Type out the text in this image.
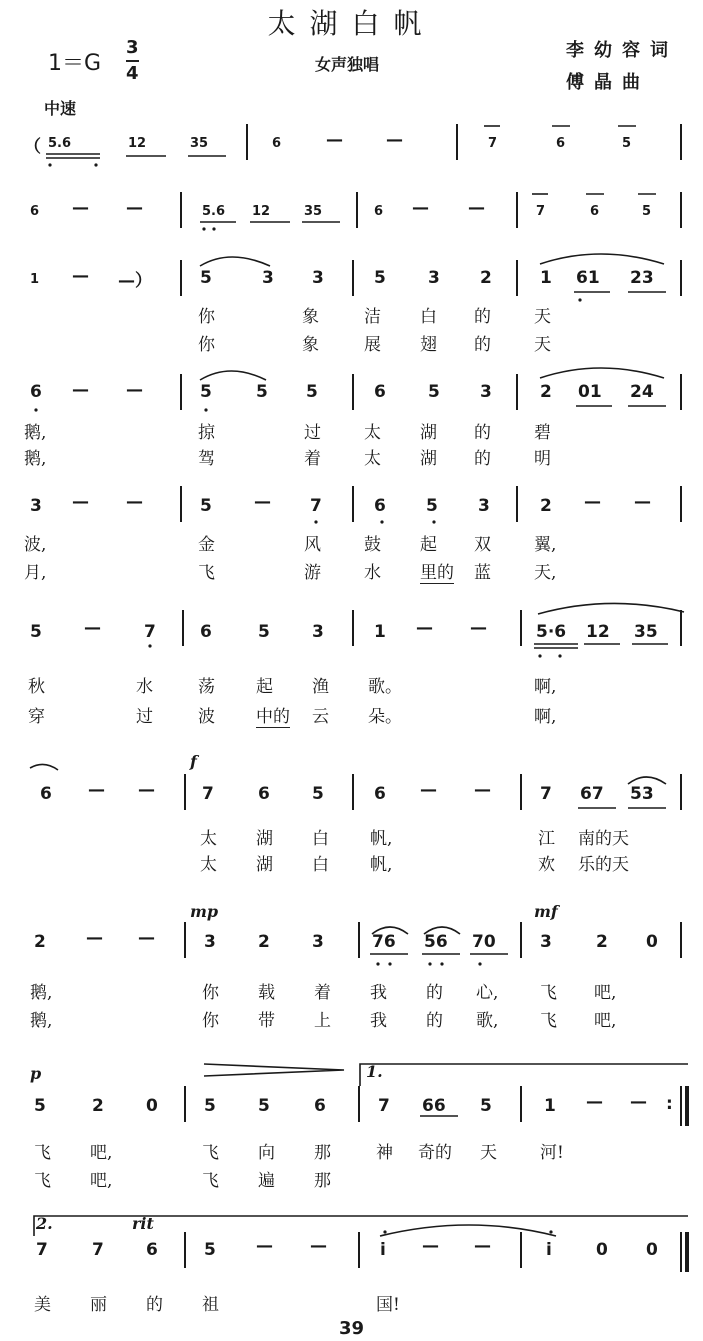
太湖白帆
1＝G
3
4	女声独唱
李幼容词
傅晶曲
中速
（ 5.6	12	35	6	—	—	7	6	5
6 — —	5.6 12	35	6 — —	7	6	5
1 — —）	5	3 3	5 3 2	1 61 23
你	象	洁 白 的	天
你	象	展 翅 的	天
6 — —	5	5 5	6 5 3	2 01 24
鹅,	掠	过	太 湖 的	碧
鹅,	驾	着	太 湖 的	明
3 — —	5 — 7	6 5 3	2 — —
波,	金	风	鼓 起 双	翼,
月,	飞	游	水 里的 蓝	天,
5 —	7	6	5 3	1 — —	5·6 12 35
秋	水	荡 起 渔 歌。	啊,
穿	过	波 中的 云 朵。	啊,
f
6 — —	7	6 5	6 — —	7 67 53
太 湖 白 帆,	江 南的天
太 湖 白 帆,	欢 乐的天
mp	mf
2 — —	3 2 3	76 56 70	3	2 0
鹅,	你 载 着 我 的 心, 飞 吧,
鹅,	你 带 上 我 的 歌, 飞 吧,
p	1.
5	2 0	5 5	6	7 66 5	1 — — :
飞 吧,	飞 向 那	神 奇的 天	河!
飞 吧,	飞 遍 那
2.	rit
7	7 6	5 — —	i — —	i	0 0
美 丽 的 祖	国!
39
